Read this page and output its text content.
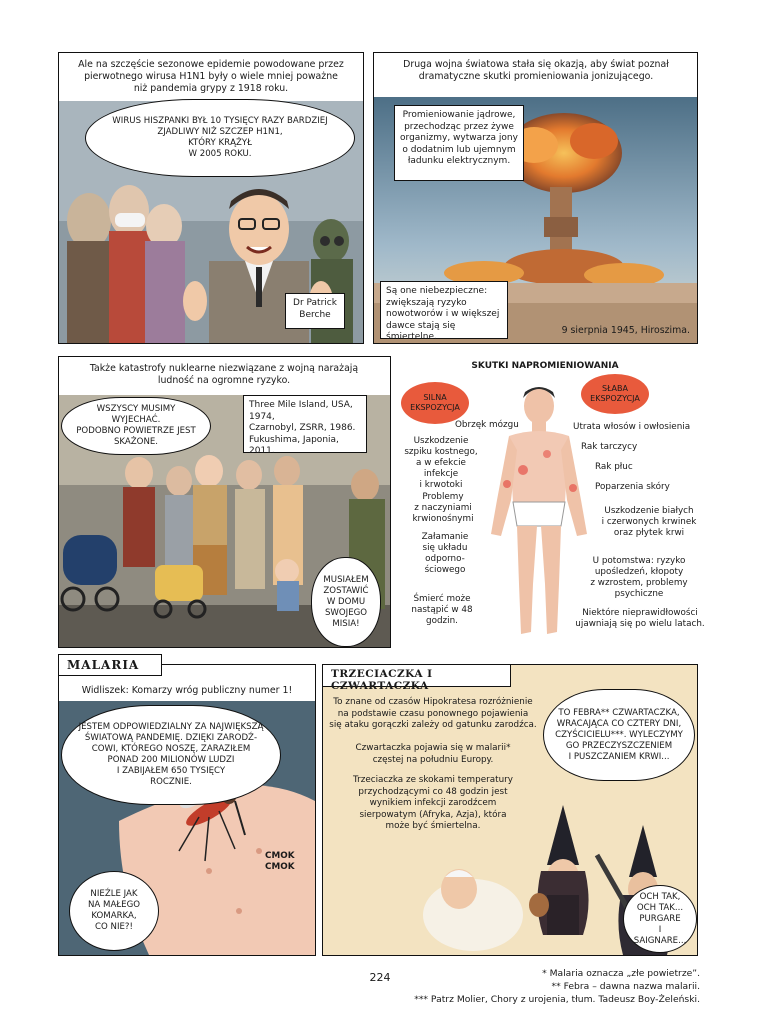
Ale na szczęście sezonowe epidemie powodowane przez
pierwotnego wirusa H1N1 były o wiele mniej poważne
niż pandemia grypy z 1918 roku.
WIRUS HISZPANKI BYŁ 10 TYSIĘCY RAZY BARDZIEJ
ZJADLIWY NIŻ SZCZEP H1N1,
KTÓRY KRĄŻYŁ
W 2005 ROKU.
Dr Patrick
Berche
Druga wojna światowa stała się okazją, aby świat poznał
dramatyczne skutki promieniowania jonizującego.
Promieniowanie jądrowe,
przechodząc przez żywe
organizmy, wytwarza jony
o dodatnim lub ujemnym
ładunku elektrycznym.
Są one niebezpieczne:
zwiększają ryzyko
nowotworów i w większej
dawce stają się śmiertelne.
9 sierpnia 1945, Hiroszima.
Także katastrofy nuklearne niezwiązane z wojną narażają
ludność na ogromne ryzyko.
WSZYSCY MUSIMY WYJECHAĆ.
PODOBNO POWIETRZE JEST
SKAŻONE.
Three Mile Island, USA, 1974,
Czarnobyl, ZSRR, 1986.
Fukushima, Japonia, 2011.
MUSIAŁEM
ZOSTAWIĆ
W DOMU
SWOJEGO
MISIA!
SKUTKI NAPROMIENIOWANIA
SILNA
EKSPOZYCJA
SŁABA
EKSPOZYCJA
Obrzęk mózgu
Uszkodzenie
szpiku kostnego,
a w efekcie
infekcje
i krwotoki
Problemy
z naczyniami
krwionośnymi
Załamanie
się układu
odporno-
ściowego
Śmierć może
nastąpić w 48
godzin.
Utrata włosów i owłosienia
Rak tarczycy
Rak płuc
Poparzenia skóry
Uszkodzenie białych
i czerwonych krwinek
oraz płytek krwi
U potomstwa: ryzyko
upośledzeń, kłopoty
z wzrostem, problemy
psychiczne
Niektóre nieprawidłowości
ujawniają się po wielu latach.
MALARIA
Widliszek: Komarzy wróg publiczny numer 1!
JESTEM ODPOWIEDZIALNY ZA NAJWIĘKSZĄ
ŚWIATOWĄ PANDEMIĘ. DZIĘKI ZARODŹ-
COWI, KTÓREGO NOSZĘ, ZARAZIŁEM
PONAD 200 MILIONÓW LUDZI
I ZABIJAŁEM 650 TYSIĘCY
ROCZNIE.
CMOK
CMOK
NIEŹLE JAK
NA MAŁEGO
KOMARKA,
CO NIE?!
TRZECIACZKA I CZWARTACZKA
To znane od czasów Hipokratesa rozróżnienie
na podstawie czasu ponownego pojawienia
się ataku gorączki zależy od gatunku zarodźca.
Czwartaczka pojawia się w malarii*
częstej na południu Europy.
Trzeciaczka ze skokami temperatury
przychodzącymi co 48 godzin jest
wynikiem infekcji zarodźcem
sierpowatym (Afryka, Azja), która
może być śmiertelna.
TO FEBRA** CZWARTACZKA,
WRACAJĄCA CO CZTERY DNI,
CZYŚCICIELU***. WYLECZYMY
GO PRZECZYSZCZENIEM
I PUSZCZANIEM KRWI...
OCH TAK,
OCH TAK...
PURGARE
I SAIGNARE...
224	* Malaria oznacza „złe powietrze”.
** Febra – dawna nazwa malarii.
*** Patrz Molier, Chory z urojenia, tłum. Tadeusz Boy-Żeleński.
